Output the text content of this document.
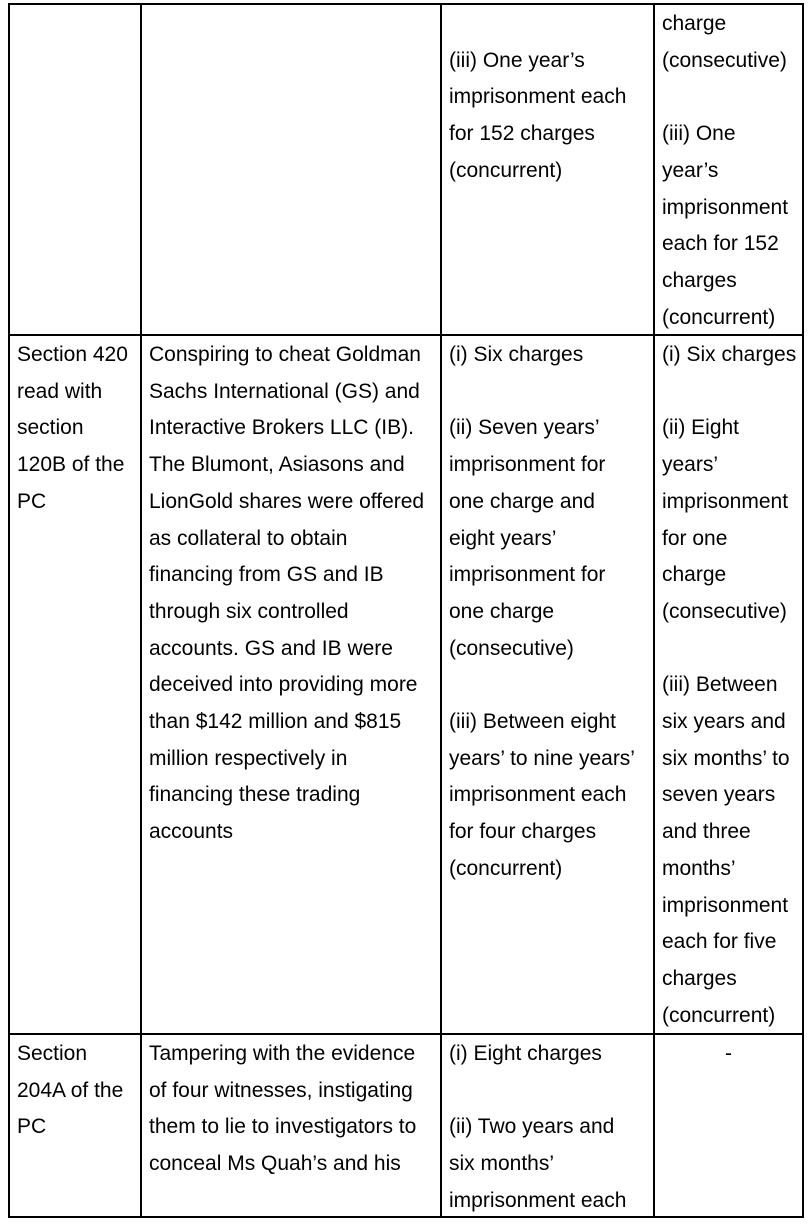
(iii) One year’s
imprisonment each
for 152 charges
(concurrent)
charge
(consecutive)

(iii) One
year’s
imprisonment
each for 152
charges
(concurrent)
Section 420
read with
section
120B of the
PC
Conspiring to cheat Goldman
Sachs International (GS) and
Interactive Brokers LLC (IB).
The Blumont, Asiasons and
LionGold shares were offered
as collateral to obtain
financing from GS and IB
through six controlled
accounts. GS and IB were
deceived into providing more
than $142 million and $815
million respectively in
financing these trading
accounts
(i) Six charges

(ii) Seven years’
imprisonment for
one charge and
eight years’
imprisonment for
one charge
(consecutive)

(iii) Between eight
years’ to nine years’
imprisonment each
for four charges
(concurrent)
(i) Six charges

(ii) Eight
years’
imprisonment
for one
charge
(consecutive)

(iii) Between
six years and
six months’ to
seven years
and three
months’
imprisonment
each for five
charges
(concurrent)
Section
204A of the
PC
Tampering with the evidence
of four witnesses, instigating
them to lie to investigators to
conceal Ms Quah’s and his
(i) Eight charges

(ii) Two years and
six months’
imprisonment each
-
